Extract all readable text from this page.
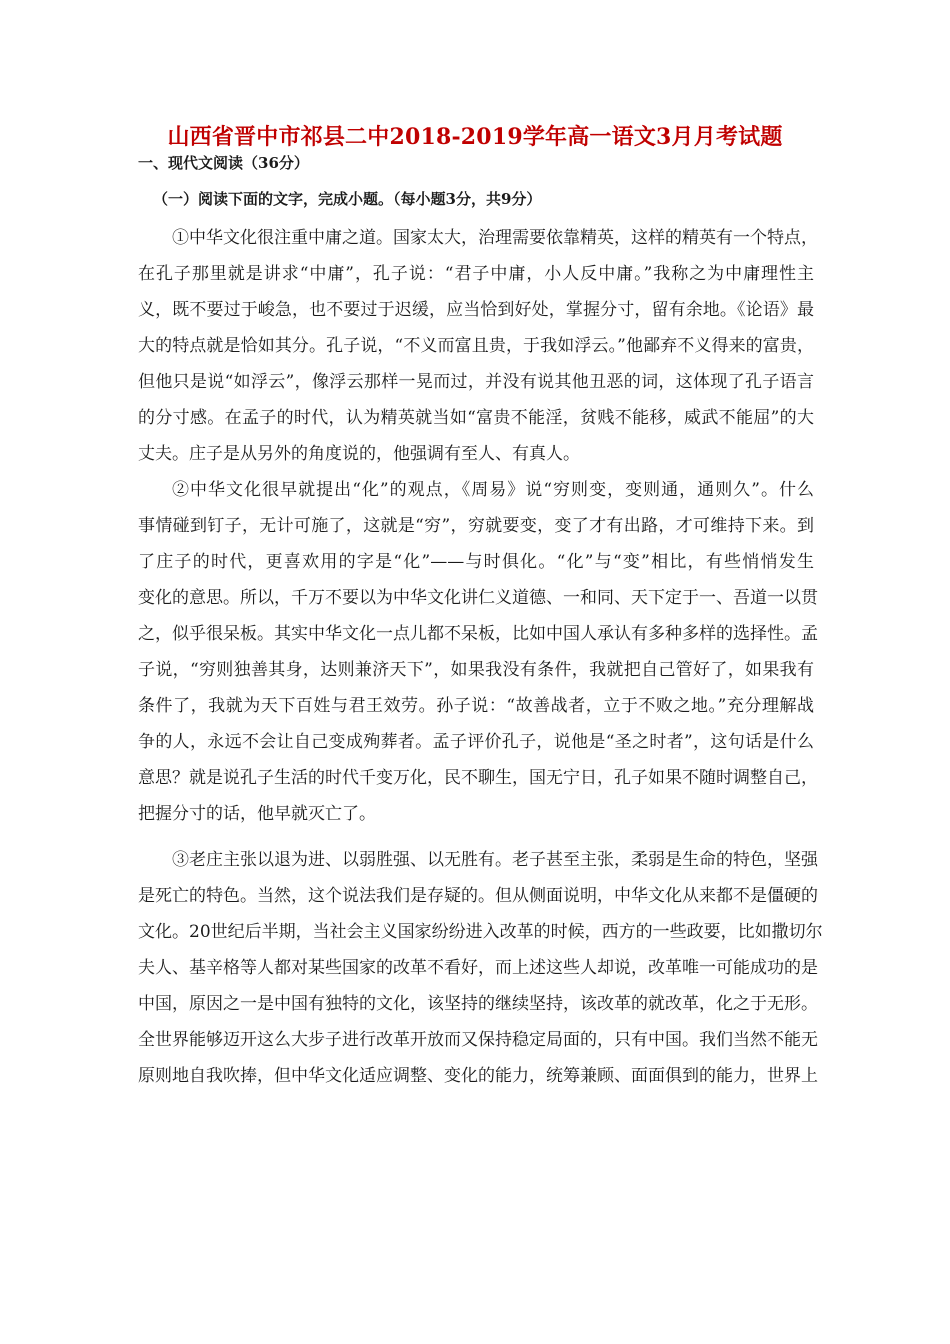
山西省晋中市祁县二中2018-2019学年高一语文3月月考试题
一、现代文阅读（36分）
（一）阅读下面的文字，完成小题。（每小题3分，共9分）
①中华文化很注重中庸之道。国家太大，治理需要依靠精英，这样的精英有一个特点，
在孔子那里就是讲求“中庸”，孔子说：“君子中庸，小人反中庸。”我称之为中庸理性主
义，既不要过于峻急，也不要过于迟缓，应当恰到好处，掌握分寸，留有余地。《论语》最
大的特点就是恰如其分。孔子说，“不义而富且贵，于我如浮云。”他鄙弃不义得来的富贵，
但他只是说“如浮云”，像浮云那样一晃而过，并没有说其他丑恶的词，这体现了孔子语言
的分寸感。在孟子的时代，认为精英就当如“富贵不能淫，贫贱不能移，威武不能屈”的大
丈夫。庄子是从另外的角度说的，他强调有至人、有真人。
②中华文化很早就提出“化”的观点，《周易》说“穷则变，变则通，通则久”。什么
事情碰到钉子，无计可施了，这就是“穷”，穷就要变，变了才有出路，才可维持下来。到
了庄子的时代，更喜欢用的字是“化”——与时俱化。“化”与“变”相比，有些悄悄发生
变化的意思。所以，千万不要以为中华文化讲仁义道德、一和同、天下定于一、吾道一以贯
之，似乎很呆板。其实中华文化一点儿都不呆板，比如中国人承认有多种多样的选择性。孟
子说，“穷则独善其身，达则兼济天下”，如果我没有条件，我就把自己管好了，如果我有
条件了，我就为天下百姓与君王效劳。孙子说：“故善战者，立于不败之地。”充分理解战
争的人，永远不会让自己变成殉葬者。孟子评价孔子，说他是“圣之时者”，这句话是什么
意思？就是说孔子生活的时代千变万化，民不聊生，国无宁日，孔子如果不随时调整自己，
把握分寸的话，他早就灭亡了。
③老庄主张以退为进、以弱胜强、以无胜有。老子甚至主张，柔弱是生命的特色，坚强
是死亡的特色。当然，这个说法我们是存疑的。但从侧面说明，中华文化从来都不是僵硬的
文化。20世纪后半期，当社会主义国家纷纷进入改革的时候，西方的一些政要，比如撒切尔
夫人、基辛格等人都对某些国家的改革不看好，而上述这些人却说，改革唯一可能成功的是
中国，原因之一是中国有独特的文化，该坚持的继续坚持，该改革的就改革，化之于无形。
全世界能够迈开这么大步子进行改革开放而又保持稳定局面的，只有中国。我们当然不能无
原则地自我吹捧，但中华文化适应调整、变化的能力，统筹兼顾、面面俱到的能力，世界上
